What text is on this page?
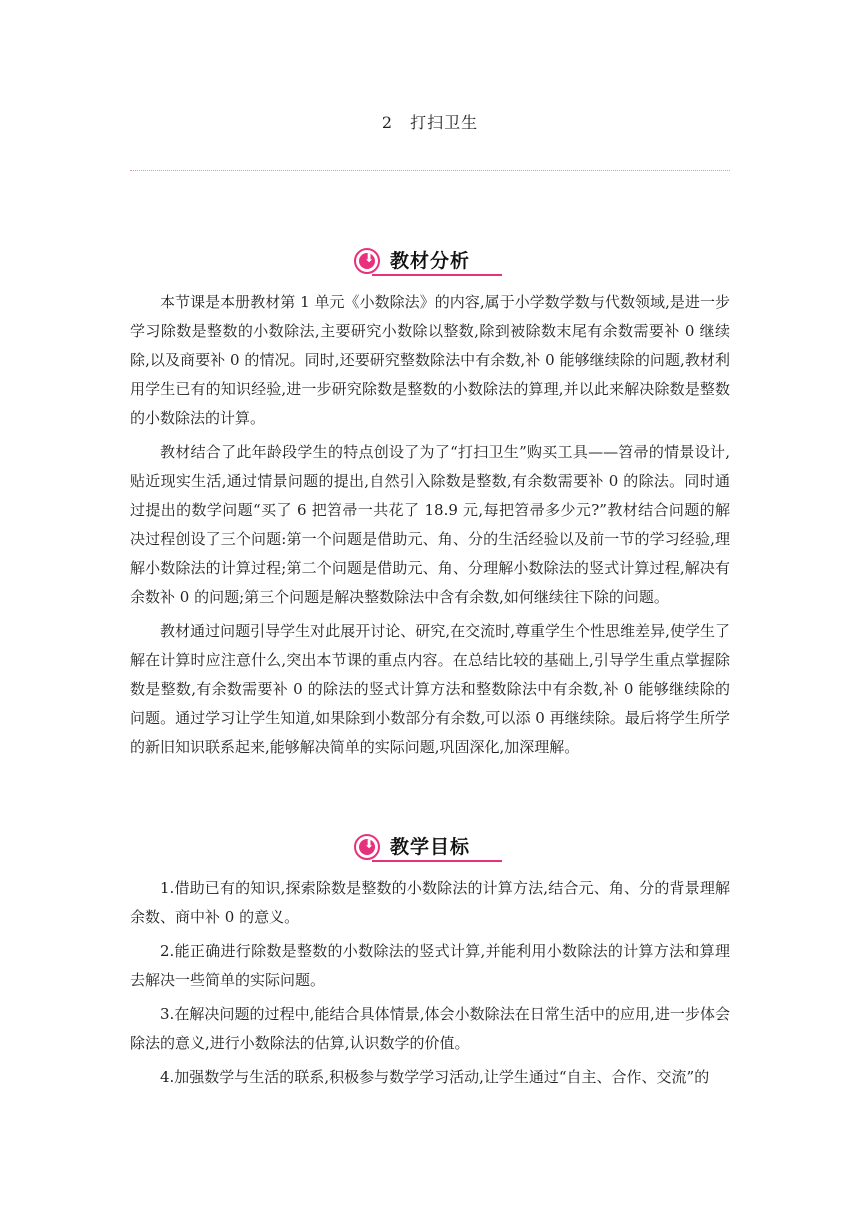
2　打扫卫生
⬇
教材分析

本节课是本册教材第 1 单元《小数除法》的内容,属于小学数学数与代数领域,是进一步学习除数是整数的小数除法,主要研究小数除以整数,除到被除数末尾有余数需要补 0 继续除,以及商要补 0 的情况。同时,还要研究整数除法中有余数,补 0 能够继续除的问题,教材利用学生已有的知识经验,进一步研究除数是整数的小数除法的算理,并以此来解决除数是整数的小数除法的计算。

教材结合了此年龄段学生的特点创设了为了“打扫卫生”购买工具——笤帚的情景设计,贴近现实生活,通过情景问题的提出,自然引入除数是整数,有余数需要补 0 的除法。同时通过提出的数学问题“买了 6 把笤帚一共花了 18.9 元,每把笤帚多少元?”教材结合问题的解决过程创设了三个问题:第一个问题是借助元、角、分的生活经验以及前一节的学习经验,理解小数除法的计算过程;第二个问题是借助元、角、分理解小数除法的竖式计算过程,解决有余数补 0 的问题;第三个问题是解决整数除法中含有余数,如何继续往下除的问题。

教材通过问题引导学生对此展开讨论、研究,在交流时,尊重学生个性思维差异,使学生了解在计算时应注意什么,突出本节课的重点内容。在总结比较的基础上,引导学生重点掌握除数是整数,有余数需要补 0 的除法的竖式计算方法和整数除法中有余数,补 0 能够继续除的问题。通过学习让学生知道,如果除到小数部分有余数,可以添 0 再继续除。最后将学生所学的新旧知识联系起来,能够解决简单的实际问题,巩固深化,加深理解。

⬇
教学目标

1.借助已有的知识,探索除数是整数的小数除法的计算方法,结合元、角、分的背景理解余数、商中补 0 的意义。

2.能正确进行除数是整数的小数除法的竖式计算,并能利用小数除法的计算方法和算理去解决一些简单的实际问题。

3.在解决问题的过程中,能结合具体情景,体会小数除法在日常生活中的应用,进一步体会除法的意义,进行小数除法的估算,认识数学的价值。

4.加强数学与生活的联系,积极参与数学学习活动,让学生通过“自主、合作、交流”的
